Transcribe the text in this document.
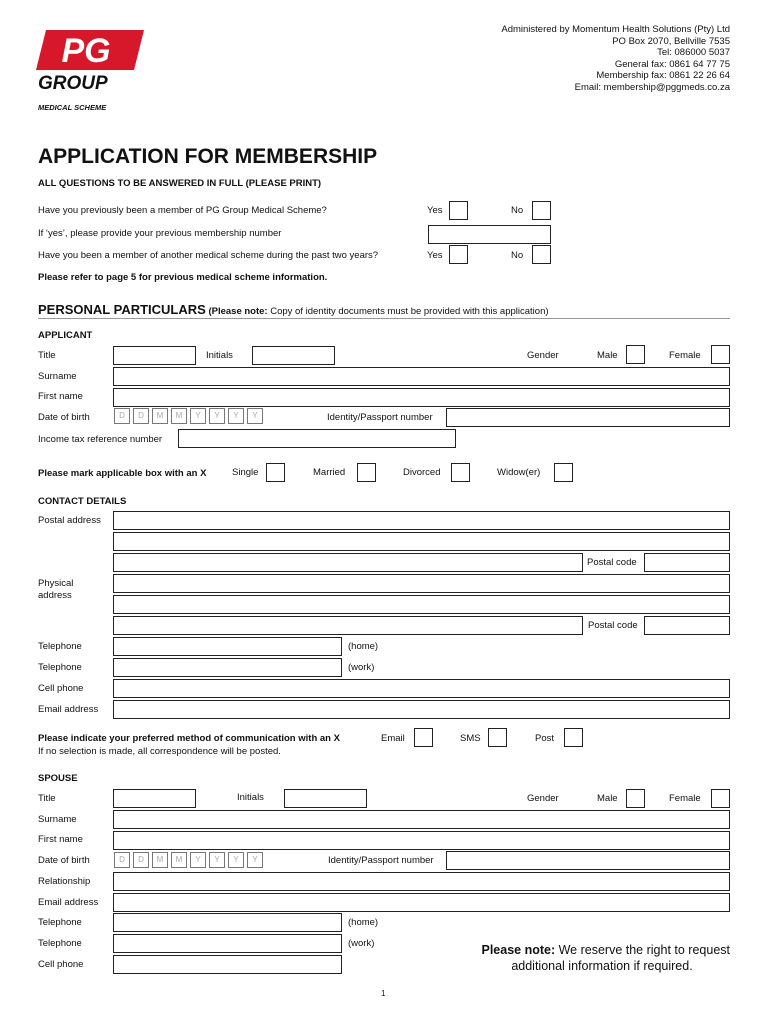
PG
GROUP
MEDICAL SCHEME
Administered by Momentum Health Solutions (Pty) Ltd
PO Box 2070, Bellville 7535
Tel: 086000 5037
General fax: 0861 64 77 75
Membership fax: 0861 22 26 64
Email: membership@pggmeds.co.za
APPLICATION FOR MEMBERSHIP
ALL QUESTIONS TO BE ANSWERED IN FULL (PLEASE PRINT)
Have you previously been a member of PG Group Medical Scheme?	Yes	No
If ‘yes’, please provide your previous membership number
Have you been a member of another medical scheme during the past two years?	Yes	No
Please refer to page 5 for previous medical scheme information.
PERSONAL PARTICULARS (Please note: Copy of identity documents must be provided with this application)
APPLICANT
Title	Initials	Gender	Male	Female
Surname
First name
Date of birth	D D M M Y Y Y Y	Identity/Passport number
Income tax reference number
Please mark applicable box with an X	Single	Married	Divorced	Widow(er)
CONTACT DETAILS
Postal address
Postal code
Physical
address
Postal code
Telephone	(home)
Telephone	(work)
Cell phone
Email address
Please indicate your preferred method of communication with an X
If no selection is made, all correspondence will be posted.
Email	SMS	Post
SPOUSE
Title	Initials	Gender	Male	Female
Surname
First name
Date of birth	D D M M Y Y Y Y	Identity/Passport number
Relationship
Email address
Telephone	(home)
Telephone	(work)
Cell phone
Please note: We reserve the right to request
additional information if required.
1
